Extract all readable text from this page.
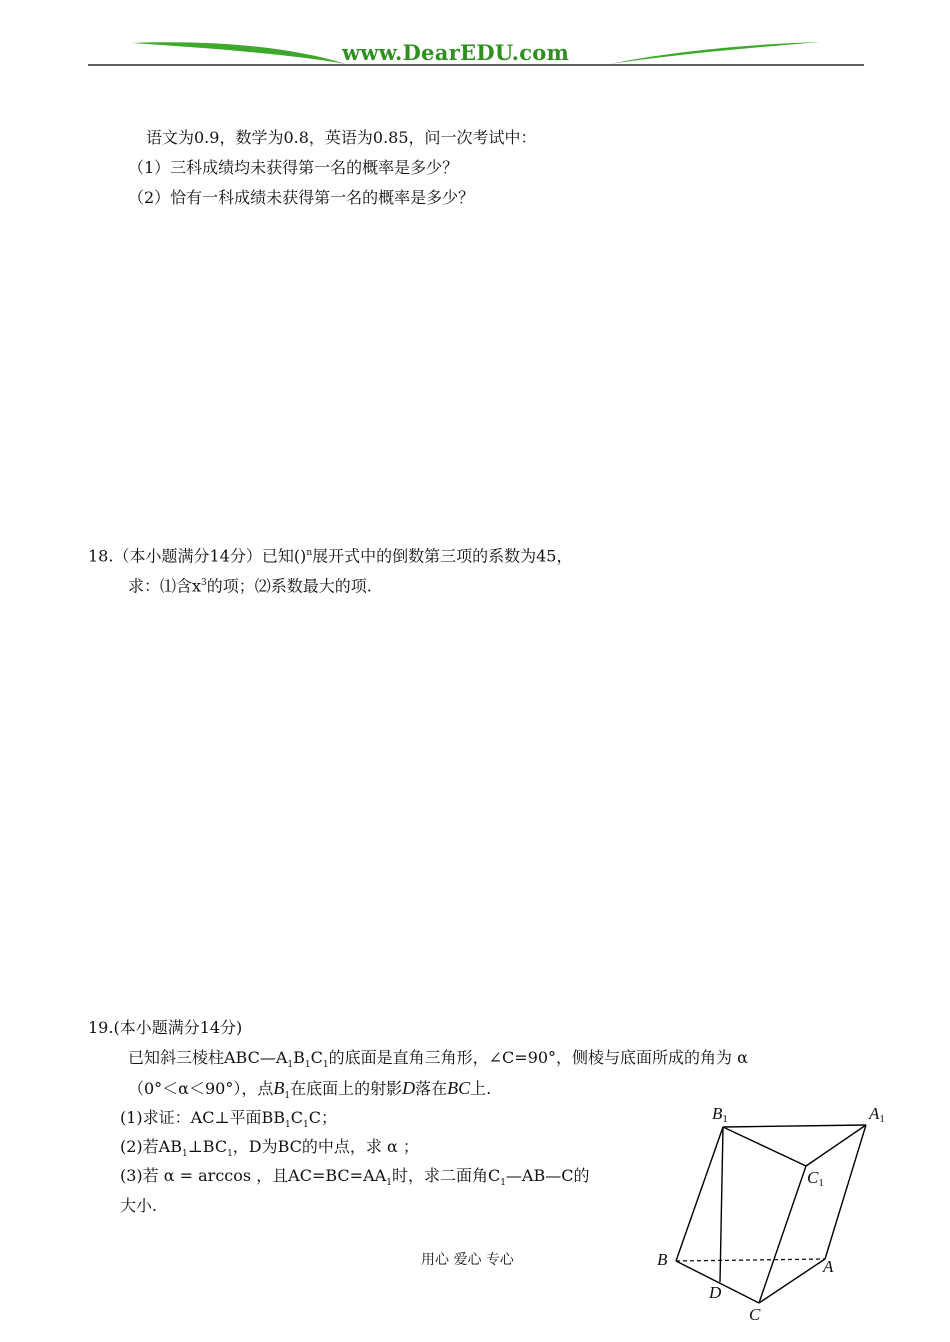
www.DearEDU.com
语文为0.9，数学为0.8，英语为0.85，问一次考试中：
（1）三科成绩均未获得第一名的概率是多少？
（2）恰有一科成绩未获得第一名的概率是多少？
18.（本小题满分14分）已知()$^n$展开式中的倒数第三项的系数为45，
求：⑴含$x^3$的项；⑵系数最大的项.
19.(本小题满分14分)
已知斜三棱柱$ABC—A_1B_1C_1$的底面是直角三角形，∠C=90°，侧棱与底面所成的角为 α
（0°＜α＜90°），点$B_1$在底面上的射影D落在BC上.
(1)求证：AC⊥平面$BB_1C_1C$；
(2)若$AB_1\perp BC_1$，D为BC的中点，求 α ；
(3)若 α = arccos ，且$AC=BC=AA_1$时，求二面角$C_1—AB—C$的
大小.
B1	A1
C1
B	A
D
C
用心 爱心 专心
